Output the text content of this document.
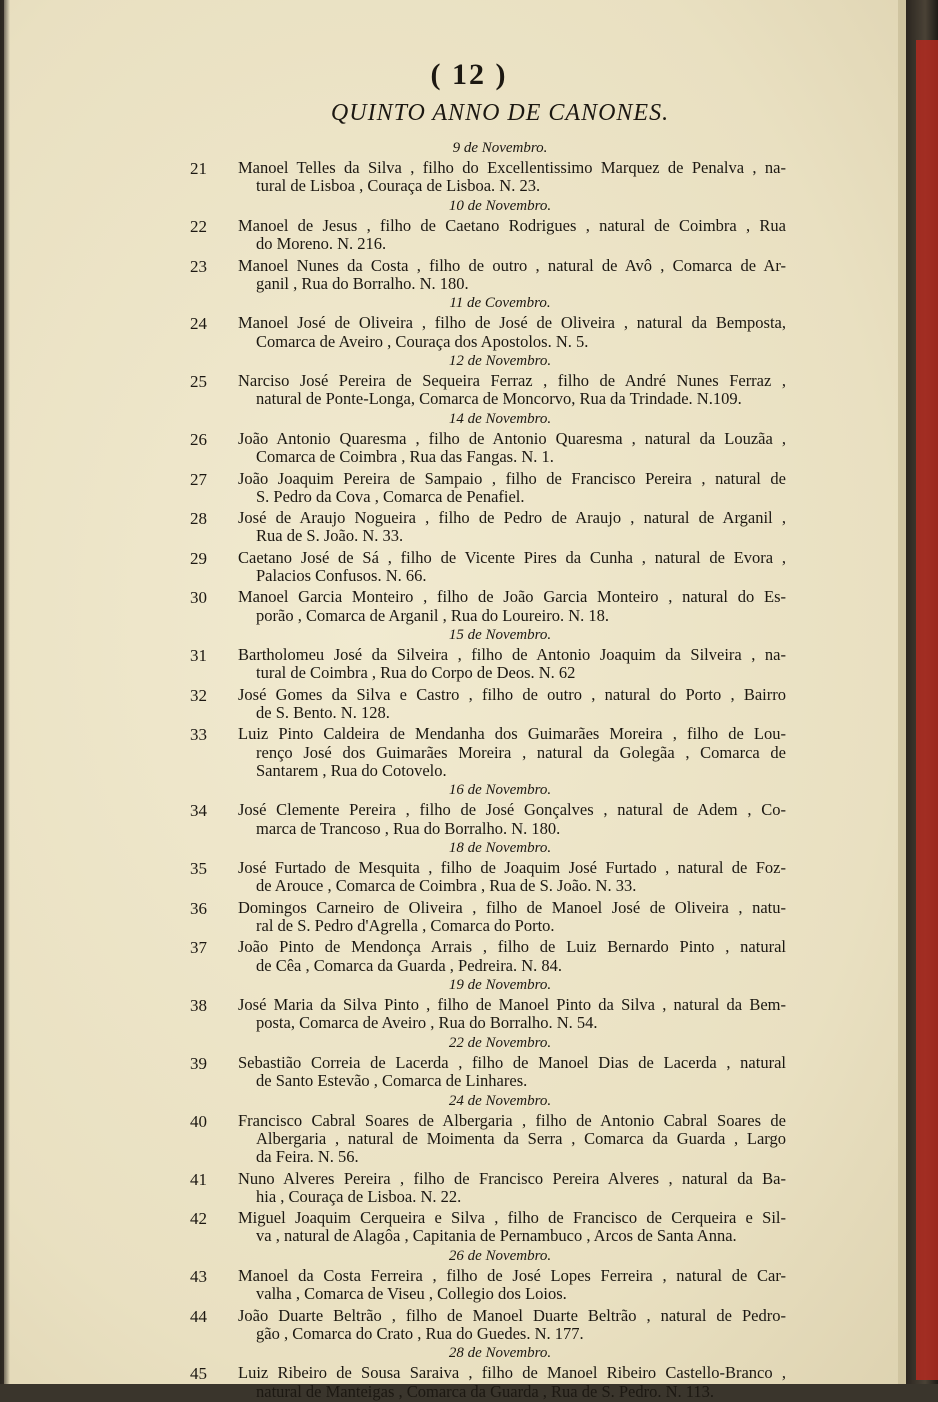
( 12 )
QUINTO ANNO DE CANONES.
9 de Novembro.
21	Manoel Telles da Silva , filho do Excellentissimo Marquez de Penalva , na-
tural de Lisboa , Couraça de Lisboa. N. 23.
10 de Novembro.
22	Manoel de Jesus , filho de Caetano Rodrigues , natural de Coimbra , Rua
do Moreno. N. 216.
23	Manoel Nunes da Costa , filho de outro , natural de Avô , Comarca de Ar-
ganil , Rua do Borralho. N. 180.
11 de Covembro.
24	Manoel José de Oliveira , filho de José de Oliveira , natural da Bemposta,
Comarca de Aveiro , Couraça dos Apostolos. N. 5.
12 de Novembro.
25	Narciso José Pereira de Sequeira Ferraz , filho de André Nunes Ferraz ,
natural de Ponte-Longa, Comarca de Moncorvo, Rua da Trindade. N.109.
14 de Novembro.
26	João Antonio Quaresma , filho de Antonio Quaresma , natural da Louzãa ,
Comarca de Coimbra , Rua das Fangas. N. 1.
27	João Joaquim Pereira de Sampaio , filho de Francisco Pereira , natural de
S. Pedro da Cova , Comarca de Penafiel.
28	José de Araujo Nogueira , filho de Pedro de Araujo , natural de Arganil ,
Rua de S. João. N. 33.
29	Caetano José de Sá , filho de Vicente Pires da Cunha , natural de Evora ,
Palacios Confusos. N. 66.
30	Manoel Garcia Monteiro , filho de João Garcia Monteiro , natural do Es-
porão , Comarca de Arganil , Rua do Loureiro. N. 18.
15 de Novembro.
31	Bartholomeu José da Silveira , filho de Antonio Joaquim da Silveira , na-
tural de Coimbra , Rua do Corpo de Deos. N. 62
32	José Gomes da Silva e Castro , filho de outro , natural do Porto , Bairro
de S. Bento. N. 128.
33	Luiz Pinto Caldeira de Mendanha dos Guimarães Moreira , filho de Lou-
renço José dos Guimarães Moreira , natural da Golegãa , Comarca de
Santarem , Rua do Cotovelo.
16 de Novembro.
34	José Clemente Pereira , filho de José Gonçalves , natural de Adem , Co-
marca de Trancoso , Rua do Borralho. N. 180.
18 de Novembro.
35	José Furtado de Mesquita , filho de Joaquim José Furtado , natural de Foz-
de Arouce , Comarca de Coimbra , Rua de S. João. N. 33.
36	Domingos Carneiro de Oliveira , filho de Manoel José de Oliveira , natu-
ral de S. Pedro d'Agrella , Comarca do Porto.
37	João Pinto de Mendonça Arrais , filho de Luiz Bernardo Pinto , natural
de Cêa , Comarca da Guarda , Pedreira. N. 84.
19 de Novembro.
38	José Maria da Silva Pinto , filho de Manoel Pinto da Silva , natural da Bem-
posta, Comarca de Aveiro , Rua do Borralho. N. 54.
22 de Novembro.
39	Sebastião Correia de Lacerda , filho de Manoel Dias de Lacerda , natural
de Santo Estevão , Comarca de Linhares.
24 de Novembro.
40	Francisco Cabral Soares de Albergaria , filho de Antonio Cabral Soares de
Albergaria , natural de Moimenta da Serra , Comarca da Guarda , Largo
da Feira. N. 56.
41	Nuno Alveres Pereira , filho de Francisco Pereira Alveres , natural da Ba-
hia , Couraça de Lisboa. N. 22.
42	Miguel Joaquim Cerqueira e Silva , filho de Francisco de Cerqueira e Sil-
va , natural de Alagôa , Capitania de Pernambuco , Arcos de Santa Anna.
26 de Novembro.
43	Manoel da Costa Ferreira , filho de José Lopes Ferreira , natural de Car-
valha , Comarca de Viseu , Collegio dos Loios.
44	João Duarte Beltrão , filho de Manoel Duarte Beltrão , natural de Pedro-
gão , Comarca do Crato , Rua do Guedes. N. 177.
28 de Novembro.
45	Luiz Ribeiro de Sousa Saraiva , filho de Manoel Ribeiro Castello-Branco ,
natural de Manteigas , Comarca da Guarda , Rua de S. Pedro. N. 113.
